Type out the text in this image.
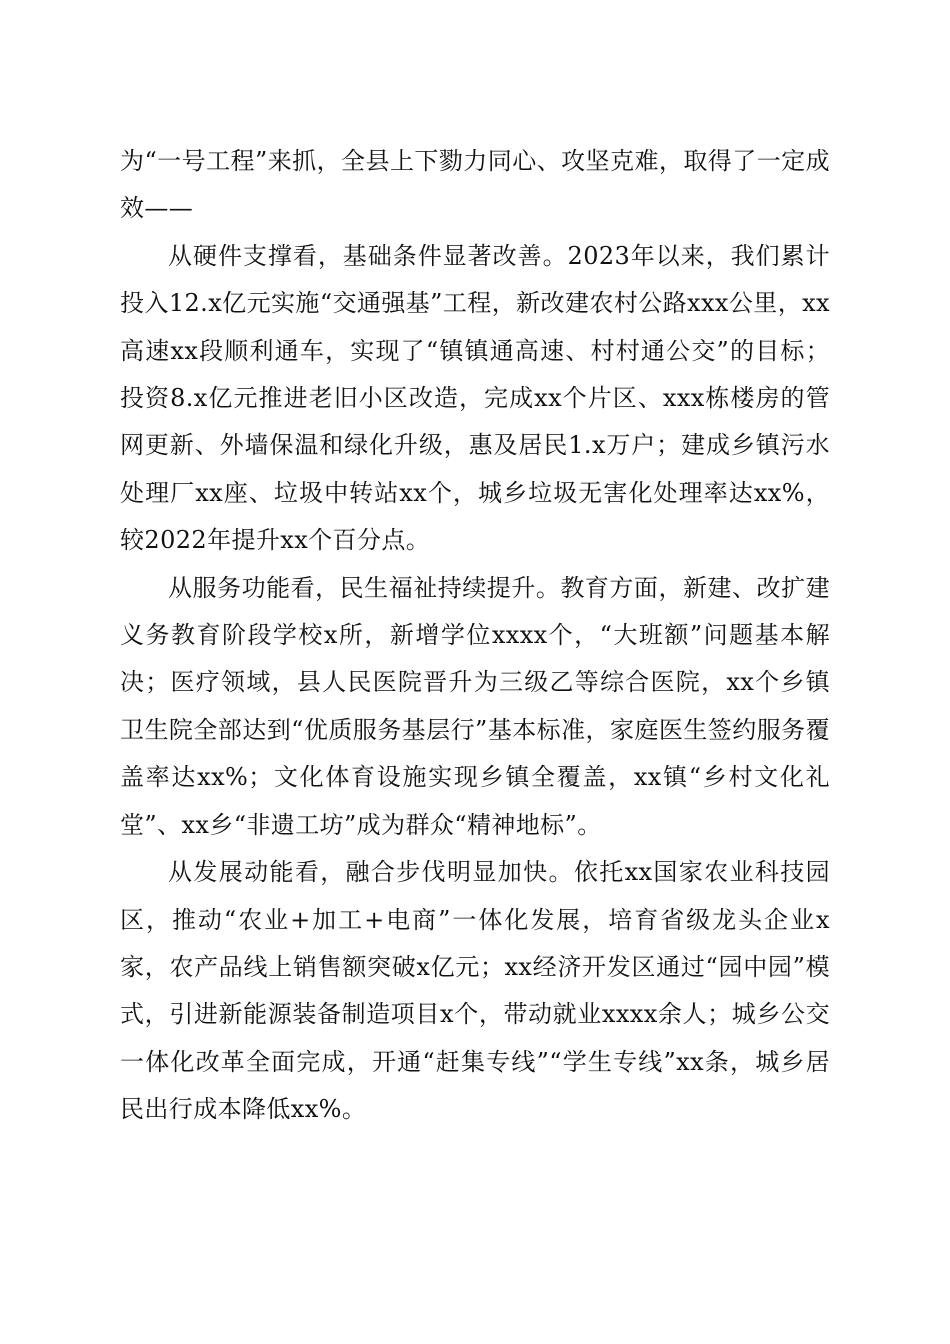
为“一号工程”来抓，全县上下勠力同心、攻坚克难，取得了一定成效——

从硬件支撑看，基础条件显著改善。2023年以来，我们累计投入12.x亿元实施“交通强基”工程，新改建农村公路xxx公里，xx高速xx段顺利通车，实现了“镇镇通高速、村村通公交”的目标；投资8.x亿元推进老旧小区改造，完成xx个片区、xxx栋楼房的管网更新、外墙保温和绿化升级，惠及居民1.x万户；建成乡镇污水处理厂xx座、垃圾中转站xx个，城乡垃圾无害化处理率达xx%，较2022年提升xx个百分点。

从服务功能看，民生福祉持续提升。教育方面，新建、改扩建义务教育阶段学校x所，新增学位xxxx个，“大班额”问题基本解决；医疗领域，县人民医院晋升为三级乙等综合医院，xx个乡镇卫生院全部达到“优质服务基层行”基本标准，家庭医生签约服务覆盖率达xx%；文化体育设施实现乡镇全覆盖，xx镇“乡村文化礼堂”、xx乡“非遗工坊”成为群众“精神地标”。

从发展动能看，融合步伐明显加快。依托xx国家农业科技园区，推动“农业+加工+电商”一体化发展，培育省级龙头企业x家，农产品线上销售额突破x亿元；xx经济开发区通过“园中园”模式，引进新能源装备制造项目x个，带动就业xxxx余人；城乡公交一体化改革全面完成，开通“赶集专线”“学生专线”xx条，城乡居民出行成本降低xx%。
